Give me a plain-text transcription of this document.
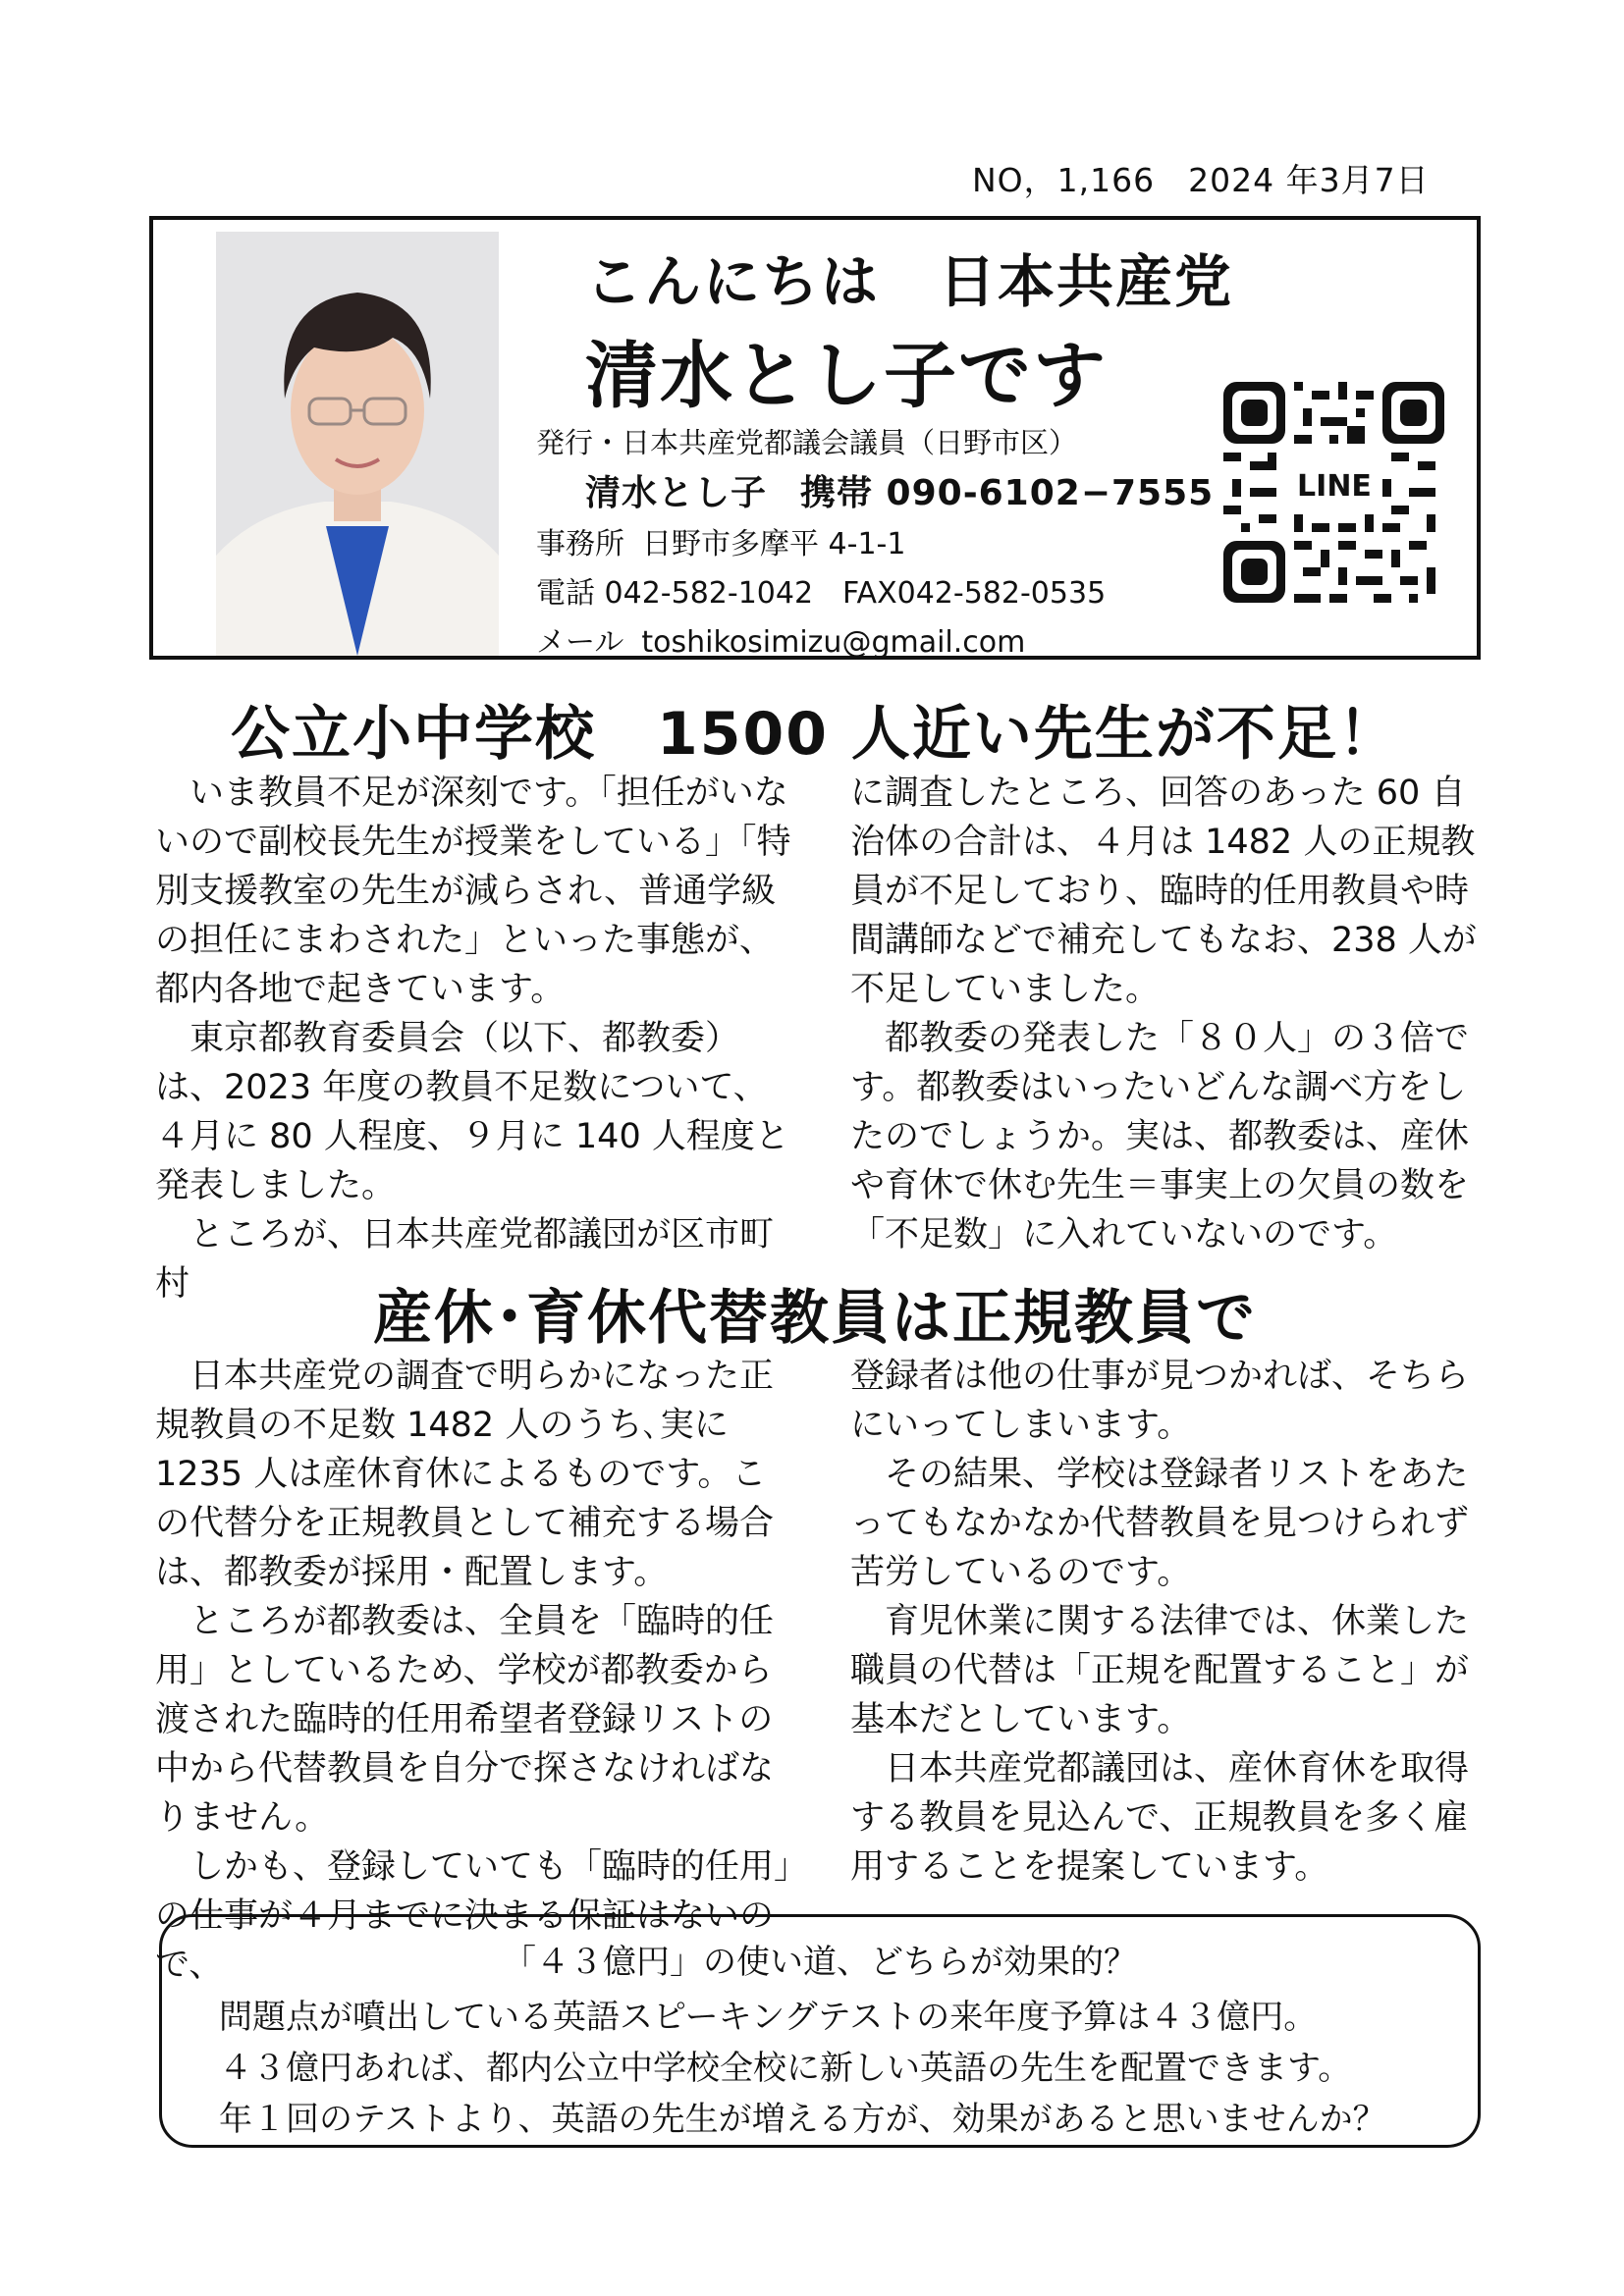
NO，1,166　 2024 年3月7日
こんにちは　日本共産党
清水とし子です
発行・日本共産党都議会議員（日野市区）
清水とし子 携帯 090-6102−7555
事務所 日野市多摩平 4-1-1
電話 042-582-1042　FAX042-582-0535
メール toshikosimizu@gmail.com
LINE
公立小中学校　1500 人近い先生が不足！

いま教員不足が深刻です。「担任がいないので副校長先生が授業をしている」「特別支援教室の先生が減らされ、普通学級の担任にまわされた」といった事態が、都内各地で起きています。

東京都教育委員会（以下、都教委）は、2023 年度の教員不足数について、４月に 80 人程度、９月に 140 人程度と発表しました。

ところが、日本共産党都議団が区市町村

に調査したところ、回答のあった 60 自治体の合計は、４月は 1482 人の正規教員が不足しており、臨時的任用教員や時間講師などで補充してもなお、238 人が不足していました。

都教委の発表した「８０人」の３倍です。都教委はいったいどんな調べ方をしたのでしょうか。実は、都教委は、産休や育休で休む先生＝事実上の欠員の数を「不足数」に入れていないのです。

産休･育休代替教員は正規教員で

日本共産党の調査で明らかになった正規教員の不足数 1482 人のうち､実に 1235 人は産休育休によるものです。この代替分を正規教員として補充する場合は、都教委が採用・配置します。

ところが都教委は、全員を「臨時的任用」としているため、学校が都教委から渡された臨時的任用希望者登録リストの中から代替教員を自分で探さなければなりません。

しかも、登録していても「臨時的任用」の仕事が４月までに決まる保証はないので、

登録者は他の仕事が見つかれば、そちらにいってしまいます。

その結果、学校は登録者リストをあたってもなかなか代替教員を見つけられず苦労しているのです。

育児休業に関する法律では、休業した職員の代替は「正規を配置すること」が基本だとしています。

日本共産党都議団は、産休育休を取得する教員を見込んで、正規教員を多く雇用することを提案しています。

「４３億円」の使い道、どちらが効果的？
問題点が噴出している英語スピーキングテストの来年度予算は４３億円。
４３億円あれば、都内公立中学校全校に新しい英語の先生を配置できます。
年１回のテストより、英語の先生が増える方が、効果があると思いませんか？
